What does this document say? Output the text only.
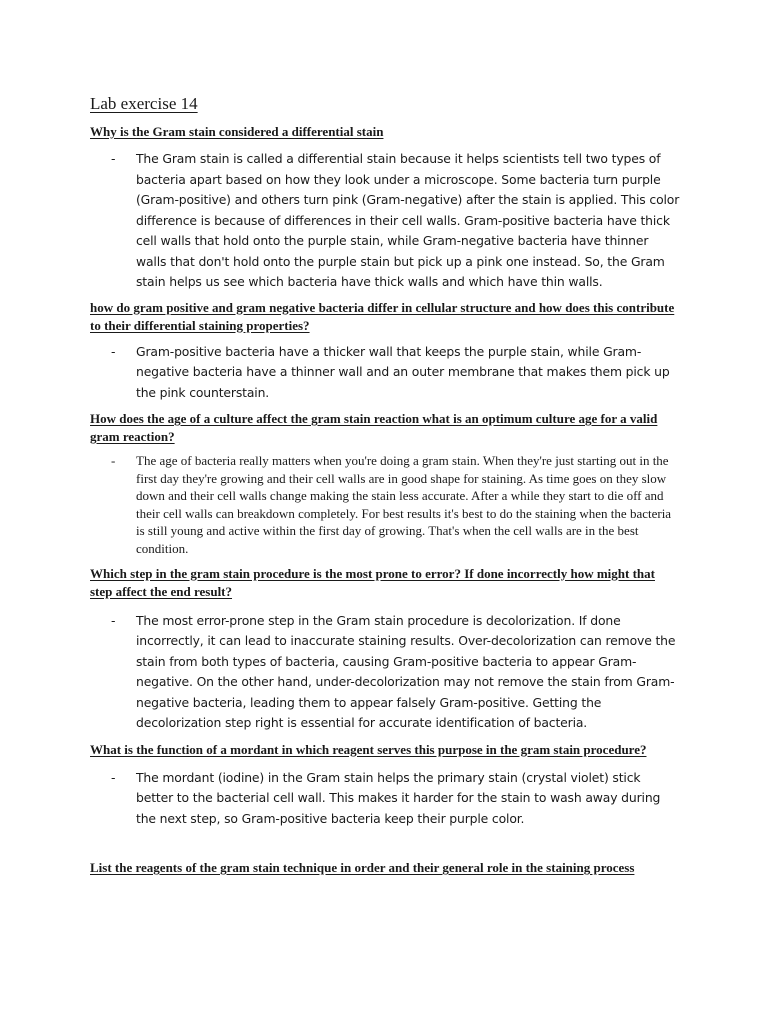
Lab exercise 14

Why is the Gram stain considered a differential stain

- The Gram stain is called a differential stain because it helps scientists tell two types of bacteria apart based on how they look under a microscope. Some bacteria turn purple (Gram-positive) and others turn pink (Gram-negative) after the stain is applied. This color difference is because of differences in their cell walls. Gram-positive bacteria have thick cell walls that hold onto the purple stain, while Gram-negative bacteria have thinner walls that don't hold onto the purple stain but pick up a pink one instead. So, the Gram stain helps us see which bacteria have thick walls and which have thin walls.

how do gram positive and gram negative bacteria differ in cellular structure and how does this contribute to their differential staining properties?

- Gram-positive bacteria have a thicker wall that keeps the purple stain, while Gram-negative bacteria have a thinner wall and an outer membrane that makes them pick up the pink counterstain.

How does the age of a culture affect the gram stain reaction what is an optimum culture age for a valid gram reaction?

- The age of bacteria really matters when you're doing a gram stain. When they're just starting out in the first day they're growing and their cell walls are in good shape for staining. As time goes on they slow down and their cell walls change making the stain less accurate. After a while they start to die off and their cell walls can breakdown completely. For best results it's best to do the staining when the bacteria is still young and active within the first day of growing. That's when the cell walls are in the best condition.

Which step in the gram stain procedure is the most prone to error? If done incorrectly how might that step affect the end result?

- The most error-prone step in the Gram stain procedure is decolorization. If done incorrectly, it can lead to inaccurate staining results. Over-decolorization can remove the stain from both types of bacteria, causing Gram-positive bacteria to appear Gram-negative. On the other hand, under-decolorization may not remove the stain from Gram-negative bacteria, leading them to appear falsely Gram-positive. Getting the decolorization step right is essential for accurate identification of bacteria.

What is the function of a mordant in which reagent serves this purpose in the gram stain procedure?

- The mordant (iodine) in the Gram stain helps the primary stain (crystal violet) stick better to the bacterial cell wall. This makes it harder for the stain to wash away during the next step, so Gram-positive bacteria keep their purple color.

List the reagents of the gram stain technique in order and their general role in the staining process
